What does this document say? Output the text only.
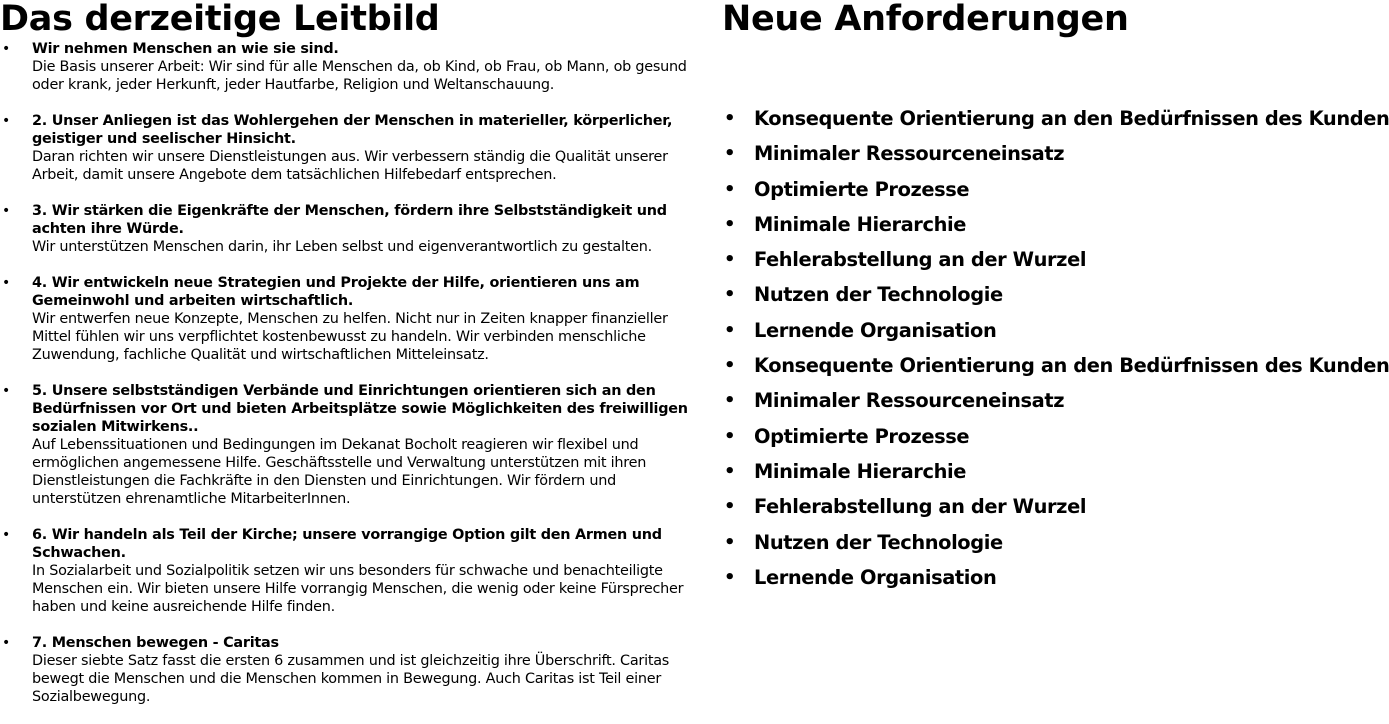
Das derzeitige Leitbild
• Wir nehmen Menschen an wie sie sind.
Die Basis unserer Arbeit: Wir sind für alle Menschen da, ob Kind, ob Frau, ob Mann, ob gesund oder krank, jeder Herkunft, jeder Hautfarbe, Religion und Weltanschauung.
• 2. Unser Anliegen ist das Wohlergehen der Menschen in materieller, körperlicher, geistiger und seelischer Hinsicht.
Daran richten wir unsere Dienstleistungen aus. Wir verbessern ständig die Qualität unserer Arbeit, damit unsere Angebote dem tatsächlichen Hilfebedarf entsprechen.
• 3. Wir stärken die Eigenkräfte der Menschen, fördern ihre Selbstständigkeit und achten ihre Würde.
Wir unterstützen Menschen darin, ihr Leben selbst und eigenverantwortlich zu gestalten.
• 4. Wir entwickeln neue Strategien und Projekte der Hilfe, orientieren uns am Gemeinwohl und arbeiten wirtschaftlich.
Wir entwerfen neue Konzepte, Menschen zu helfen. Nicht nur in Zeiten knapper finanzieller Mittel fühlen wir uns verpflichtet kostenbewusst zu handeln. Wir verbinden menschliche Zuwendung, fachliche Qualität und wirtschaftlichen Mitteleinsatz.
• 5. Unsere selbstständigen Verbände und Einrichtungen orientieren sich an den Bedürfnissen vor Ort und bieten Arbeitsplätze sowie Möglichkeiten des freiwilligen sozialen Mitwirkens..
Auf Lebenssituationen und Bedingungen im Dekanat Bocholt reagieren wir flexibel und ermöglichen angemessene Hilfe. Geschäftsstelle und Verwaltung unterstützen mit ihren Dienstleistungen die Fachkräfte in den Diensten und Einrichtungen. Wir fördern und unterstützen ehrenamtliche MitarbeiterInnen.
• 6. Wir handeln als Teil der Kirche; unsere vorrangige Option gilt den Armen und Schwachen.
In Sozialarbeit und Sozialpolitik setzen wir uns besonders für schwache und benachteiligte Menschen ein. Wir bieten unsere Hilfe vorrangig Menschen, die wenig oder keine Fürsprecher haben und keine ausreichende Hilfe finden.
• 7. Menschen bewegen - Caritas
Dieser siebte Satz fasst die ersten 6 zusammen und ist gleichzeitig ihre Überschrift. Caritas bewegt die Menschen und die Menschen kommen in Bewegung. Auch Caritas ist Teil einer Sozialbewegung.
Neue Anforderungen
• Konsequente Orientierung an den Bedürfnissen des Kunden
• Minimaler Ressourceneinsatz
• Optimierte Prozesse
• Minimale Hierarchie
• Fehlerabstellung an der Wurzel
• Nutzen der Technologie
• Lernende Organisation
• Konsequente Orientierung an den Bedürfnissen des Kunden
• Minimaler Ressourceneinsatz
• Optimierte Prozesse
• Minimale Hierarchie
• Fehlerabstellung an der Wurzel
• Nutzen der Technologie
• Lernende Organisation
